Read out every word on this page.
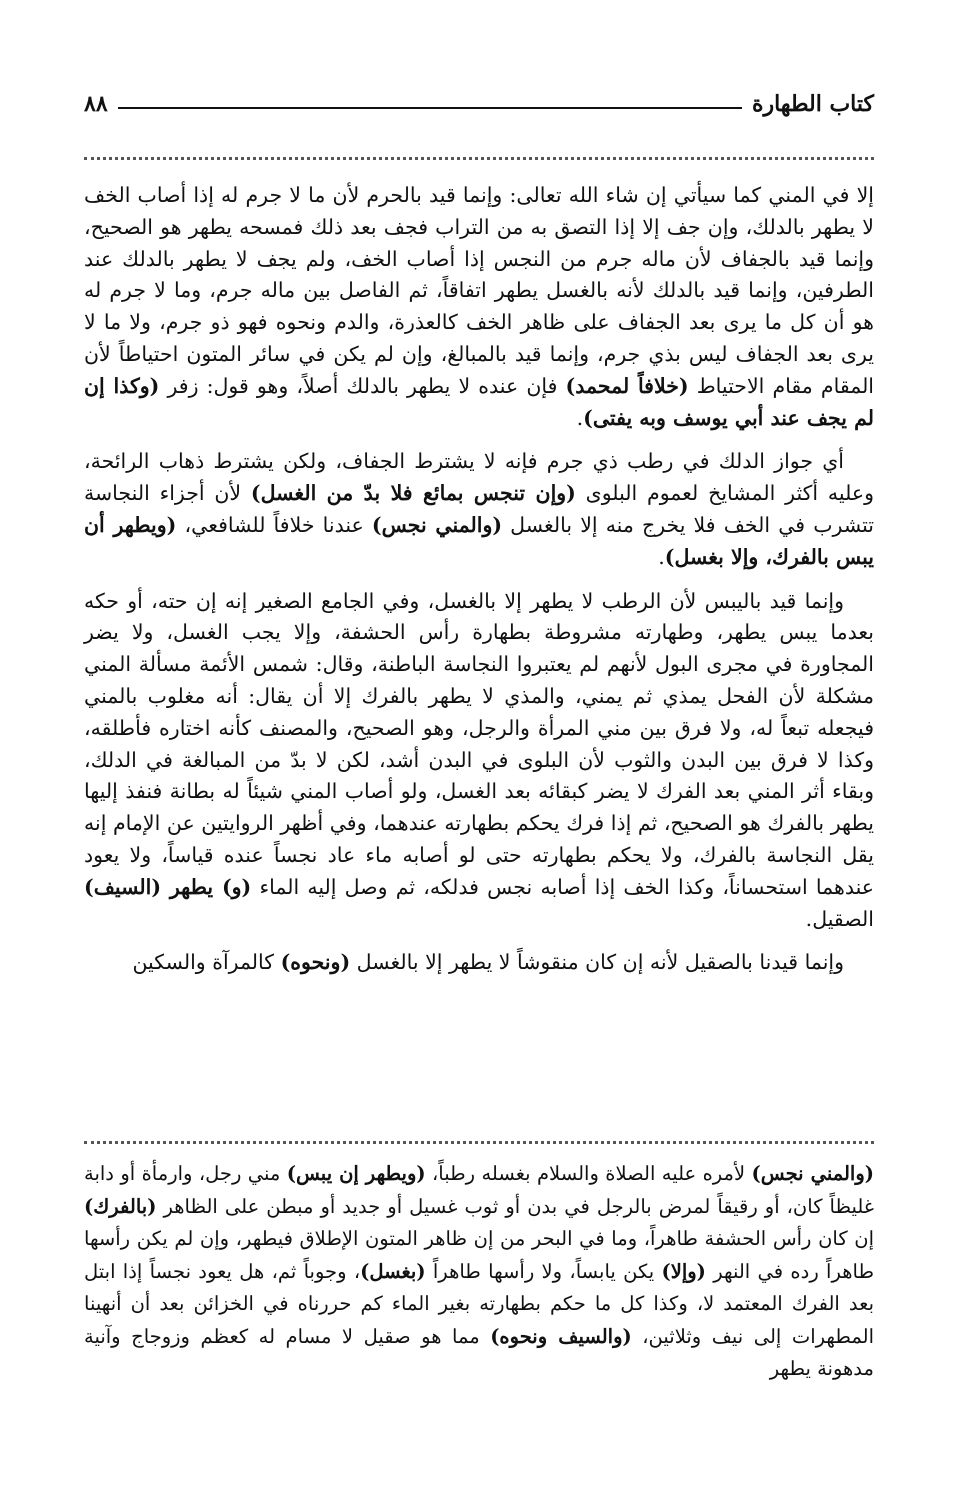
٨٨	كتاب الطهارة

إلا في المني كما سيأتي إن شاء الله تعالى: وإنما قيد بالحرم لأن ما لا جرم له إذا أصاب الخف لا يطهر بالدلك، وإن جف إلا إذا التصق به من التراب فجف بعد ذلك فمسحه يطهر هو الصحيح، وإنما قيد بالجفاف لأن ماله جرم من النجس إذا أصاب الخف، ولم يجف لا يطهر بالدلك عند الطرفين، وإنما قيد بالدلك لأنه بالغسل يطهر اتفاقاً، ثم الفاصل بين ماله جرم، وما لا جرم له هو أن كل ما يرى بعد الجفاف على ظاهر الخف كالعذرة، والدم ونحوه فهو ذو جرم، ولا ما لا يرى بعد الجفاف ليس بذي جرم، وإنما قيد بالمبالغ، وإن لم يكن في سائر المتون احتياطاً لأن المقام مقام الاحتياط (خلافاً لمحمد) فإن عنده لا يطهر بالدلك أصلاً، وهو قول: زفر (وكذا إن لم يجف عند أبي يوسف وبه يفتى).

أي جواز الدلك في رطب ذي جرم فإنه لا يشترط الجفاف، ولكن يشترط ذهاب الرائحة، وعليه أكثر المشايخ لعموم البلوى (وإن تنجس بمائع فلا بدّ من الغسل) لأن أجزاء النجاسة تتشرب في الخف فلا يخرج منه إلا بالغسل (والمني نجس) عندنا خلافاً للشافعي، (ويطهر أن يبس بالفرك، وإلا بغسل).

وإنما قيد باليبس لأن الرطب لا يطهر إلا بالغسل، وفي الجامع الصغير إنه إن حته، أو حكه بعدما يبس يطهر، وطهارته مشروطة بطهارة رأس الحشفة، وإلا يجب الغسل، ولا يضر المجاورة في مجرى البول لأنهم لم يعتبروا النجاسة الباطنة، وقال: شمس الأئمة مسألة المني مشكلة لأن الفحل يمذي ثم يمني، والمذي لا يطهر بالفرك إلا أن يقال: أنه مغلوب بالمني فيجعله تبعاً له، ولا فرق بين مني المرأة والرجل، وهو الصحيح، والمصنف كأنه اختاره فأطلقه، وكذا لا فرق بين البدن والثوب لأن البلوى في البدن أشد، لكن لا بدّ من المبالغة في الدلك، وبقاء أثر المني بعد الفرك لا يضر كبقائه بعد الغسل، ولو أصاب المني شيئاً له بطانة فنفذ إليها يطهر بالفرك هو الصحيح، ثم إذا فرك يحكم بطهارته عندهما، وفي أظهر الروايتين عن الإمام إنه يقل النجاسة بالفرك، ولا يحكم بطهارته حتى لو أصابه ماء عاد نجساً عنده قياساً، ولا يعود عندهما استحساناً، وكذا الخف إذا أصابه نجس فدلكه، ثم وصل إليه الماء (و) يطهر (السيف) الصقيل.

وإنما قيدنا بالصقيل لأنه إن كان منقوشاً لا يطهر إلا بالغسل (ونحوه) كالمرآة والسكين

(والمني نجس) لأمره عليه الصلاة والسلام بغسله رطباً، (ويطهر إن يبس) مني رجل، وارمأة أو دابة غليظاً كان، أو رقيقاً لمرض بالرجل في بدن أو ثوب غسيل أو جديد أو مبطن على الظاهر (بالفرك) إن كان رأس الحشفة طاهراً، وما في البحر من إن ظاهر المتون الإطلاق فيطهر، وإن لم يكن رأسها طاهراً رده في النهر (وإلا) يكن يابساً، ولا رأسها طاهراً (بغسل)، وجوباً ثم، هل يعود نجساً إذا ابتل بعد الفرك المعتمد لا، وكذا كل ما حكم بطهارته بغير الماء كم حررناه في الخزائن بعد أن أنهينا المطهرات إلى نيف وثلاثين، (والسيف ونحوه) مما هو صقيل لا مسام له كعظم وزوجاج وآنية مدهونة يطهر
